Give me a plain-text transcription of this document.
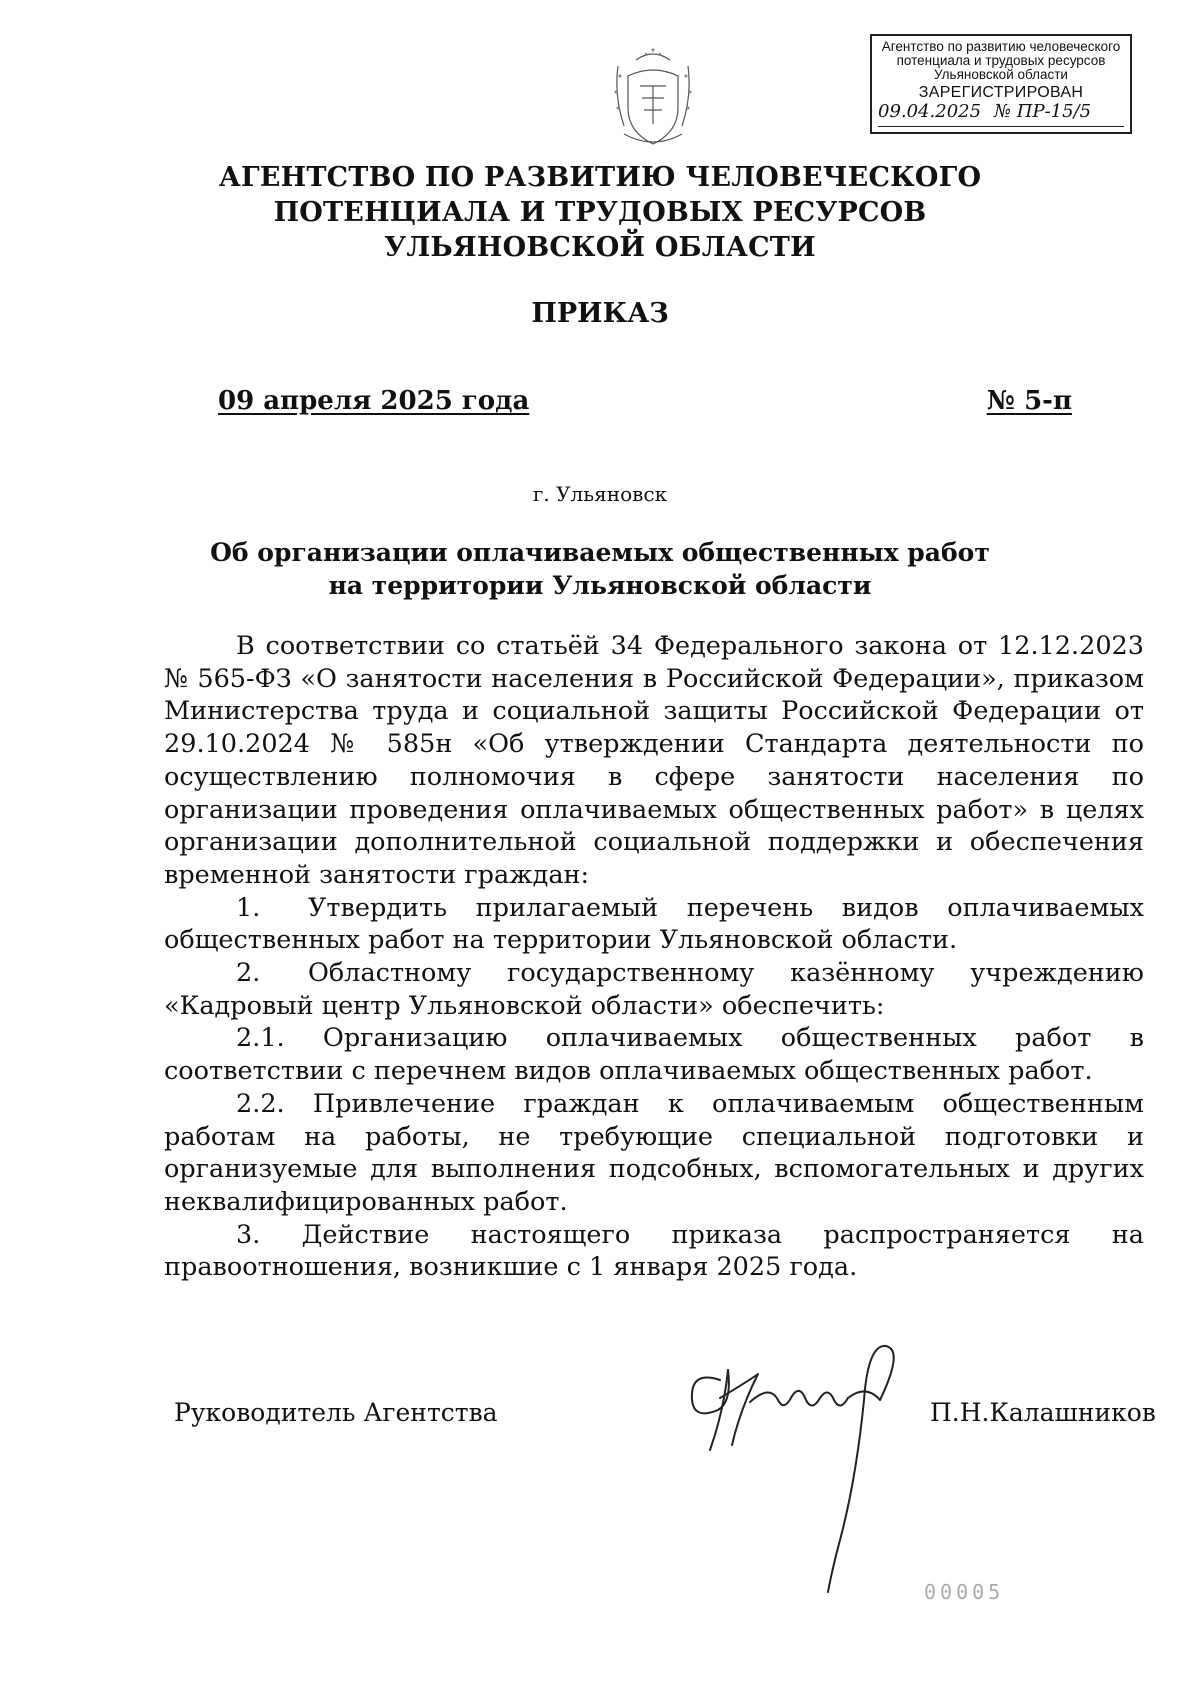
Агентство по развитию человеческого
потенциала и трудовых ресурсов
Ульяновской области
ЗАРЕГИСТРИРОВАН
09.04.2025 № ПР-15/5
АГЕНТСТВО ПО РАЗВИТИЮ ЧЕЛОВЕЧЕСКОГО
ПОТЕНЦИАЛА И ТРУДОВЫХ РЕСУРСОВ
УЛЬЯНОВСКОЙ ОБЛАСТИ
ПРИКАЗ
09 апреля 2025 года	№ 5-п
г. Ульяновск
Об организации оплачиваемых общественных работ
на территории Ульяновской области

В соответствии со статьёй 34 Федерального закона от 12.12.2023 № 565-ФЗ «О занятости населения в Российской Федерации», приказом Министерства труда и социальной защиты Российской Федерации от 29.10.2024 № 585н «Об утверждении Стандарта деятельности по осуществлению полномочия в сфере занятости населения по организации проведения оплачиваемых общественных работ» в целях организации дополнительной социальной поддержки и обеспечения временной занятости граждан:

1. Утвердить прилагаемый перечень видов оплачиваемых общественных работ на территории Ульяновской области.

2. Областному государственному казённому учреждению «Кадровый центр Ульяновской области» обеспечить:

2.1. Организацию оплачиваемых общественных работ в соответствии с перечнем видов оплачиваемых общественных работ.

2.2. Привлечение граждан к оплачиваемым общественным работам на работы, не требующие специальной подготовки и организуемые для выполнения подсобных, вспомогательных и других неквалифицированных работ.

3. Действие настоящего приказа распространяется на правоотношения, возникшие с 1 января 2025 года.

Руководитель Агентства	П.Н.Калашников
00005
